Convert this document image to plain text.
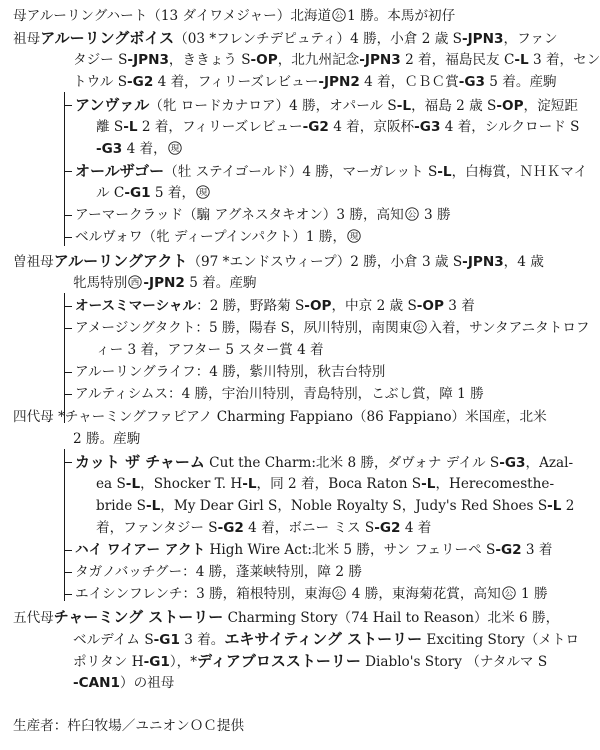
母アルーリングハート（13 ダイワメジャー）北海道 公 1 勝。本馬が初仔
祖母アルーリングボイス（03 *フレンチデピュティ）4 勝，小倉 2 歳 S-JPN3，ファン
タジー S-JPN3，ききょう S-OP，北九州記念-JPN3 2 着，福島民友 C-L 3 着，セン
トウル S-G2 4 着，フィリーズレビュー-JPN2 4 着，ＣＢＣ賞-G3 5 着。産駒
アンヴァル（牝 ロードカナロア）4 勝，オパール S-L，福島 2 歳 S-OP，淀短距
離 S-L 2 着，フィリーズレビュー-G2 4 着，京阪杯-G3 4 着，シルクロード S
-G3 4 着， 現
オールザゴー（牡 ステイゴールド）4 勝，マーガレット S-L，白梅賞，ＮＨＫマイ
ル C-G1 5 着， 現
アーマークラッド（騸 アグネスタキオン）3 勝，高知 公 3 勝
ベルヴォワ（牝 ディープインパクト）1 勝， 現
曽祖母アルーリングアクト（97 *エンドスウィープ）2 勝，小倉 3 歳 S-JPN3，4 歳
牝馬特別 西 -JPN2 5 着。産駒
オースミマーシャル：2 勝，野路菊 S-OP，中京 2 歳 S-OP 3 着
アメージングタクト：5 勝，陽春 S，夙川特別，南関東 公 入着，サンタアニタトロフ
ィー 3 着，アフター 5 スター賞 4 着
アルーリングライフ：4 勝，紫川特別，秋吉台特別
アルティシムス：4 勝，宇治川特別，青島特別，こぶし賞，障 1 勝
四代母 *チャーミングファピアノ Charming Fappiano（86 Fappiano）米国産，北米
2 勝。産駒
カット ザ チャーム Cut the Charm:北米 8 勝，ダヴォナ デイル S-G3，Azal-
ea S-L，Shocker T. H-L，同 2 着，Boca Raton S-L，Herecomesthe-
bride S-L，My Dear Girl S，Noble Royalty S，Judy's Red Shoes S-L 2
着，ファンタジー S-G2 4 着，ボニー ミス S-G2 4 着
ハイ ワイアー アクト High Wire Act:北米 5 勝，サン フェリーペ S-G2 3 着
タガノバッチグー：4 勝，蓬莱峡特別，障 2 勝
エイシンフレンチ：3 勝，箱根特別，東海 公 4 勝，東海菊花賞，高知 公 1 勝
五代母チャーミング ストーリー Charming Story（74 Hail to Reason）北米 6 勝，
ベルデイム S-G1 3 着。エキサイティング ストーリー Exciting Story（メトロ
ポリタン H-G1），*ディアブロスストーリー Diablo's Story （ナタルマ S
-CAN1）の祖母
生産者：杵臼牧場／ユニオンＯＣ提供
